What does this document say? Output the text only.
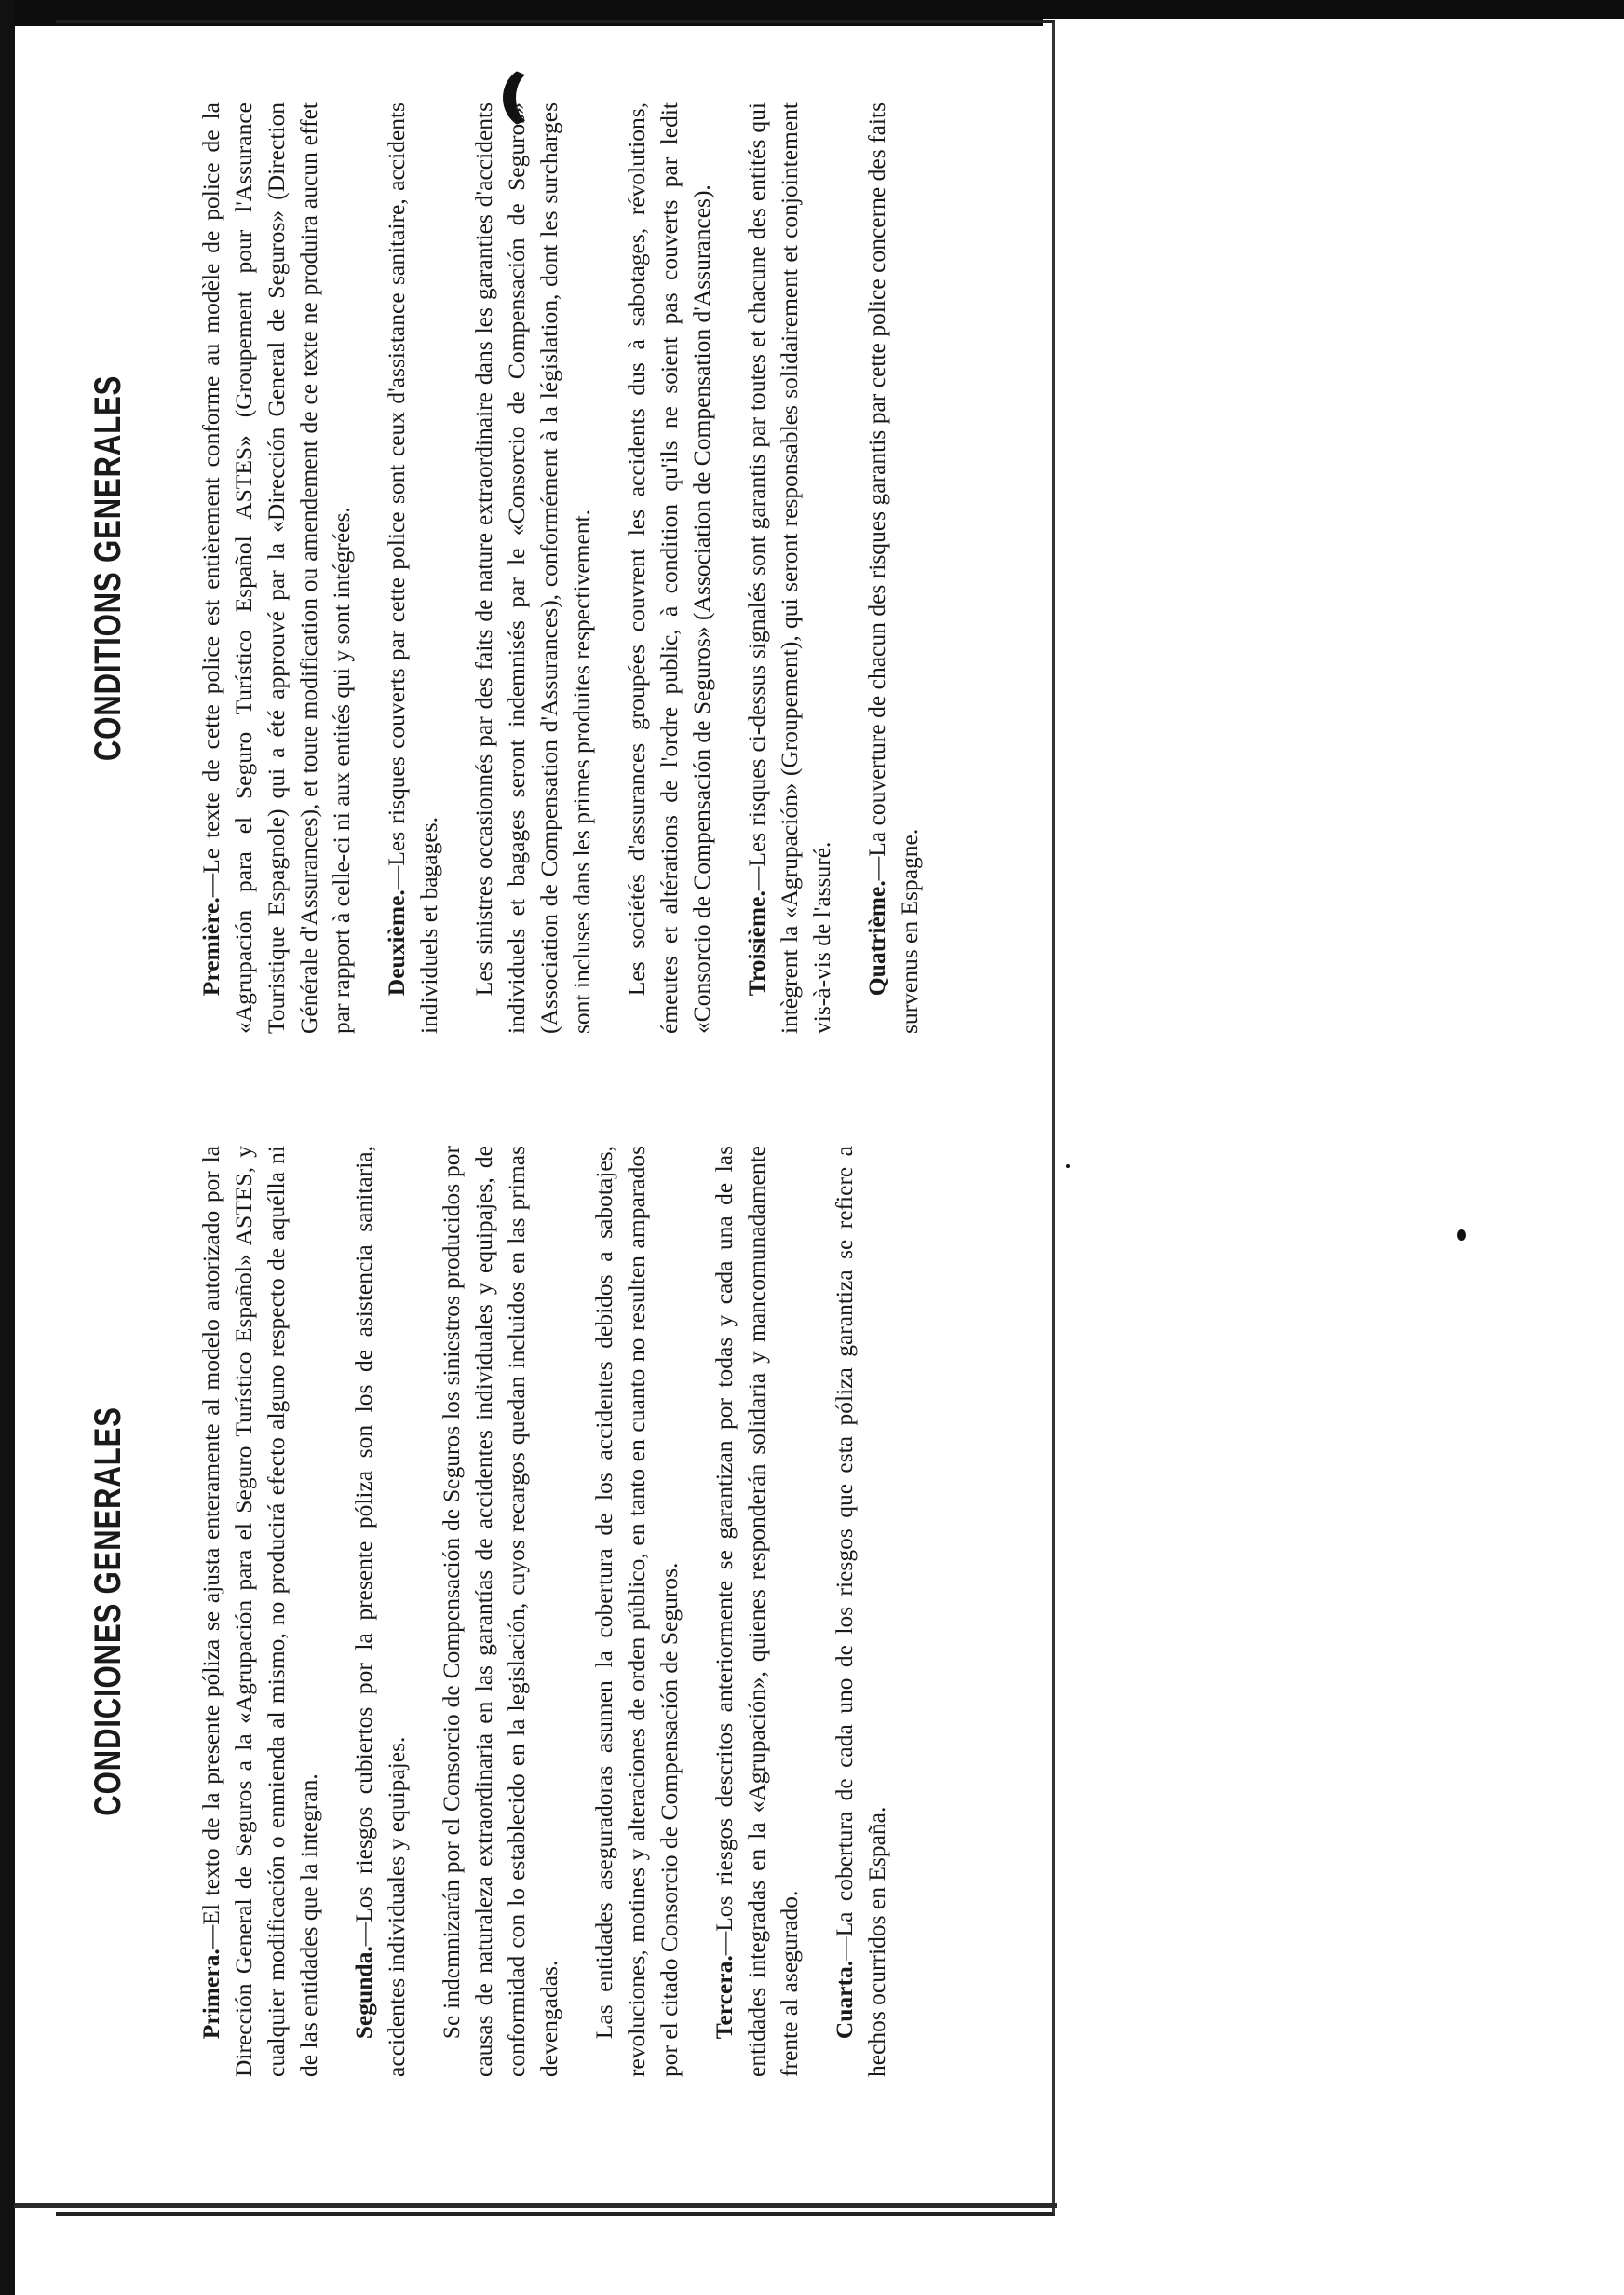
CONDICIONES GENERALES

Primera.—El texto de la presente póliza se ajusta enteramente al modelo autorizado por la Dirección General de Seguros a la «Agrupación para el Seguro Turístico Español» ASTES, y cualquier modificación o enmienda al mismo, no producirá efecto alguno respecto de aquélla ni de las entidades que la integran. Segunda.—Los riesgos cubiertos por la presente póliza son los de asistencia sanitaria, accidentes individuales y equipajes. Se indemnizarán por el Consorcio de Compensación de Seguros los siniestros producidos por causas de naturaleza extraordinaria en las garantías de accidentes individuales y equipajes, de conformidad con lo establecido en la legislación, cuyos recargos quedan incluidos en las primas devengadas. Las entidades aseguradoras asumen la cobertura de los accidentes debidos a sabotajes, revoluciones, motines y alteraciones de orden público, en tanto en cuanto no resulten amparados por el citado Consorcio de Compensación de Seguros. Tercera.—Los riesgos descritos anteriormente se garantizan por todas y cada una de las entidades integradas en la «Agrupación», quienes responderán solidaria y mancomunadamente frente al asegurado. Cuarta.—La cobertura de cada uno de los riesgos que esta póliza garantiza se refiere a hechos ocurridos en España.

CONDITIONS GENERALES

Première.—Le texte de cette police est entièrement conforme au modèle de police de la «Agrupación para el Seguro Turístico Español ASTES» (Groupement pour l'Assurance Touristique Espagnole) qui a été approuvé par la «Dirección General de Seguros» (Direction Générale d'Assurances), et toute modification ou amendement de ce texte ne produira aucun effet par rapport à celle-ci ni aux entités qui y sont intégrées. Deuxième.—Les risques couverts par cette police sont ceux d'assistance sanitaire, accidents individuels et bagages. Les sinistres occasionnés par des faits de nature extraordinaire dans les garanties d'accidents individuels et bagages seront indemnisés par le «Consorcio de Compensación de Seguros» (Association de Compensation d'Assurances), conformément à la législation, dont les surcharges sont incluses dans les primes produites respectivement. Les sociétés d'assurances groupées couvrent les accidents dus à sabotages, révolutions, émeutes et altérations de l'ordre public, à condition qu'ils ne soient pas couverts par ledit «Consorcio de Compensación de Seguros» (Association de Compensation d'Assurances). Troisième.—Les risques ci-dessus signalés sont garantis par toutes et chacune des entités qui intègrent la «Agrupación» (Groupement), qui seront responsables solidairement et conjointement vis-à-vis de l'assuré. Quatrième.—La couverture de chacun des risques garantis par cette police concerne des faits survenus en Espagne.
